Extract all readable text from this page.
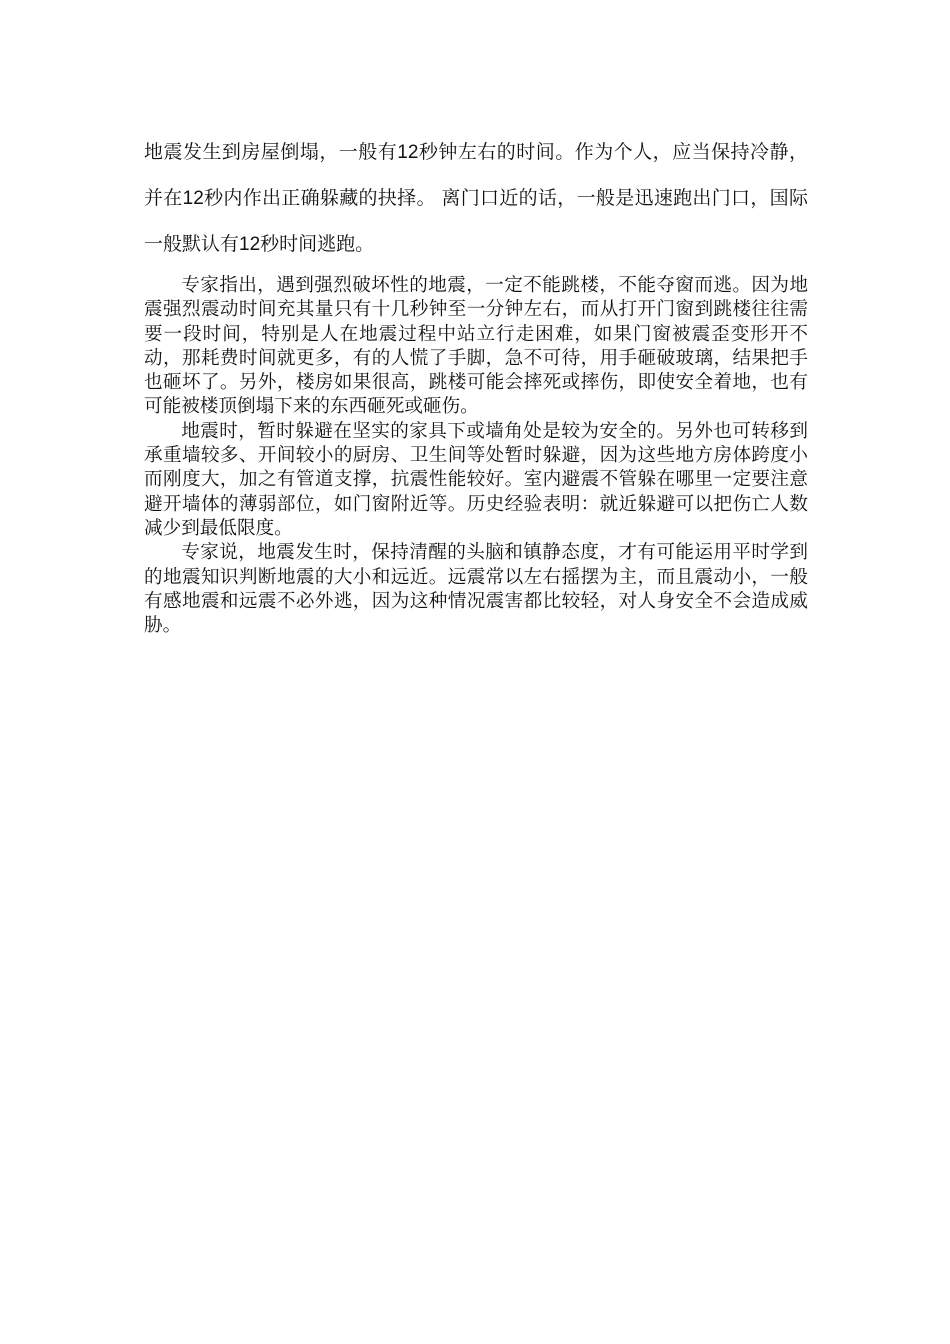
地震发生到房屋倒塌，一般有12秒钟左右的时间。作为个人，应当保持冷静，并在12秒内作出正确躲藏的抉择。 离门口近的话，一般是迅速跑出门口，国际一般默认有12秒时间逃跑。

专家指出，遇到强烈破坏性的地震，一定不能跳楼，不能夺窗而逃。因为地震强烈震动时间充其量只有十几秒钟至一分钟左右，而从打开门窗到跳楼往往需要一段时间，特别是人在地震过程中站立行走困难，如果门窗被震歪变形开不动，那耗费时间就更多，有的人慌了手脚，急不可待，用手砸破玻璃，结果把手也砸坏了。另外，楼房如果很高，跳楼可能会摔死或摔伤，即使安全着地，也有可能被楼顶倒塌下来的东西砸死或砸伤。

地震时，暂时躲避在坚实的家具下或墙角处是较为安全的。另外也可转移到承重墙较多、开间较小的厨房、卫生间等处暂时躲避，因为这些地方房体跨度小而刚度大，加之有管道支撑，抗震性能较好。室内避震不管躲在哪里一定要注意避开墙体的薄弱部位，如门窗附近等。历史经验表明：就近躲避可以把伤亡人数减少到最低限度。

专家说，地震发生时，保持清醒的头脑和镇静态度，才有可能运用平时学到的地震知识判断地震的大小和远近。远震常以左右摇摆为主，而且震动小，一般有感地震和远震不必外逃，因为这种情况震害都比较轻，对人身安全不会造成威胁。
